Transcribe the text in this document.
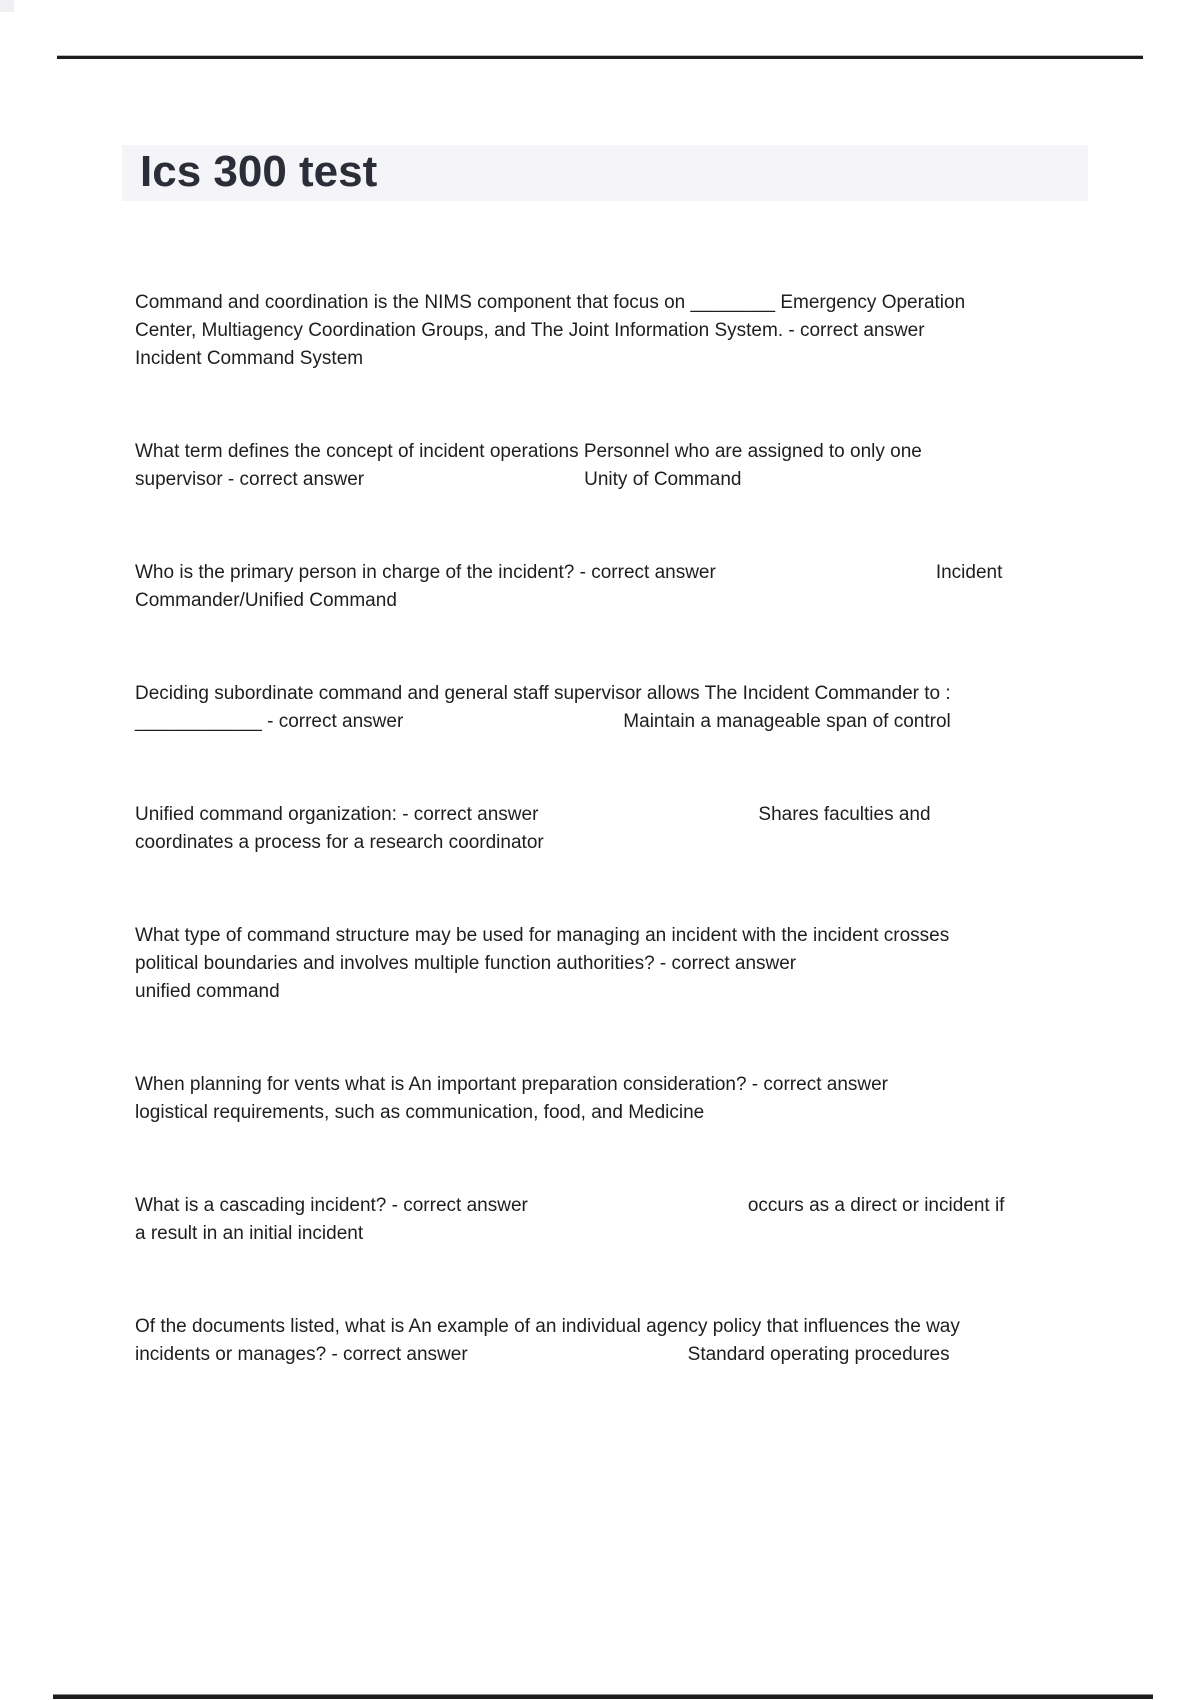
Ics 300 test
Command and coordination is the NIMS component that focus on ________ Emergency Operation
Center, Multiagency Coordination Groups, and The Joint Information System. - correct answer
Incident Command System
What term defines the concept of incident operations Personnel who are assigned to only one
supervisor - correct answer	Unity of Command
Who is the primary person in charge of the incident? - correct answer	Incident
Commander/Unified Command
Deciding subordinate command and general staff supervisor allows The Incident Commander to :
____________ - correct answer	Maintain a manageable span of control
Unified command organization: - correct answer	Shares faculties and
coordinates a process for a research coordinator
What type of command structure may be used for managing an incident with the incident crosses
political boundaries and involves multiple function authorities? - correct answer
unified command
When planning for vents what is An important preparation consideration? - correct answer
logistical requirements, such as communication, food, and Medicine
What is a cascading incident? - correct answer	occurs as a direct or incident if
a result in an initial incident
Of the documents listed, what is An example of an individual agency policy that influences the way
incidents or manages? - correct answer	Standard operating procedures
